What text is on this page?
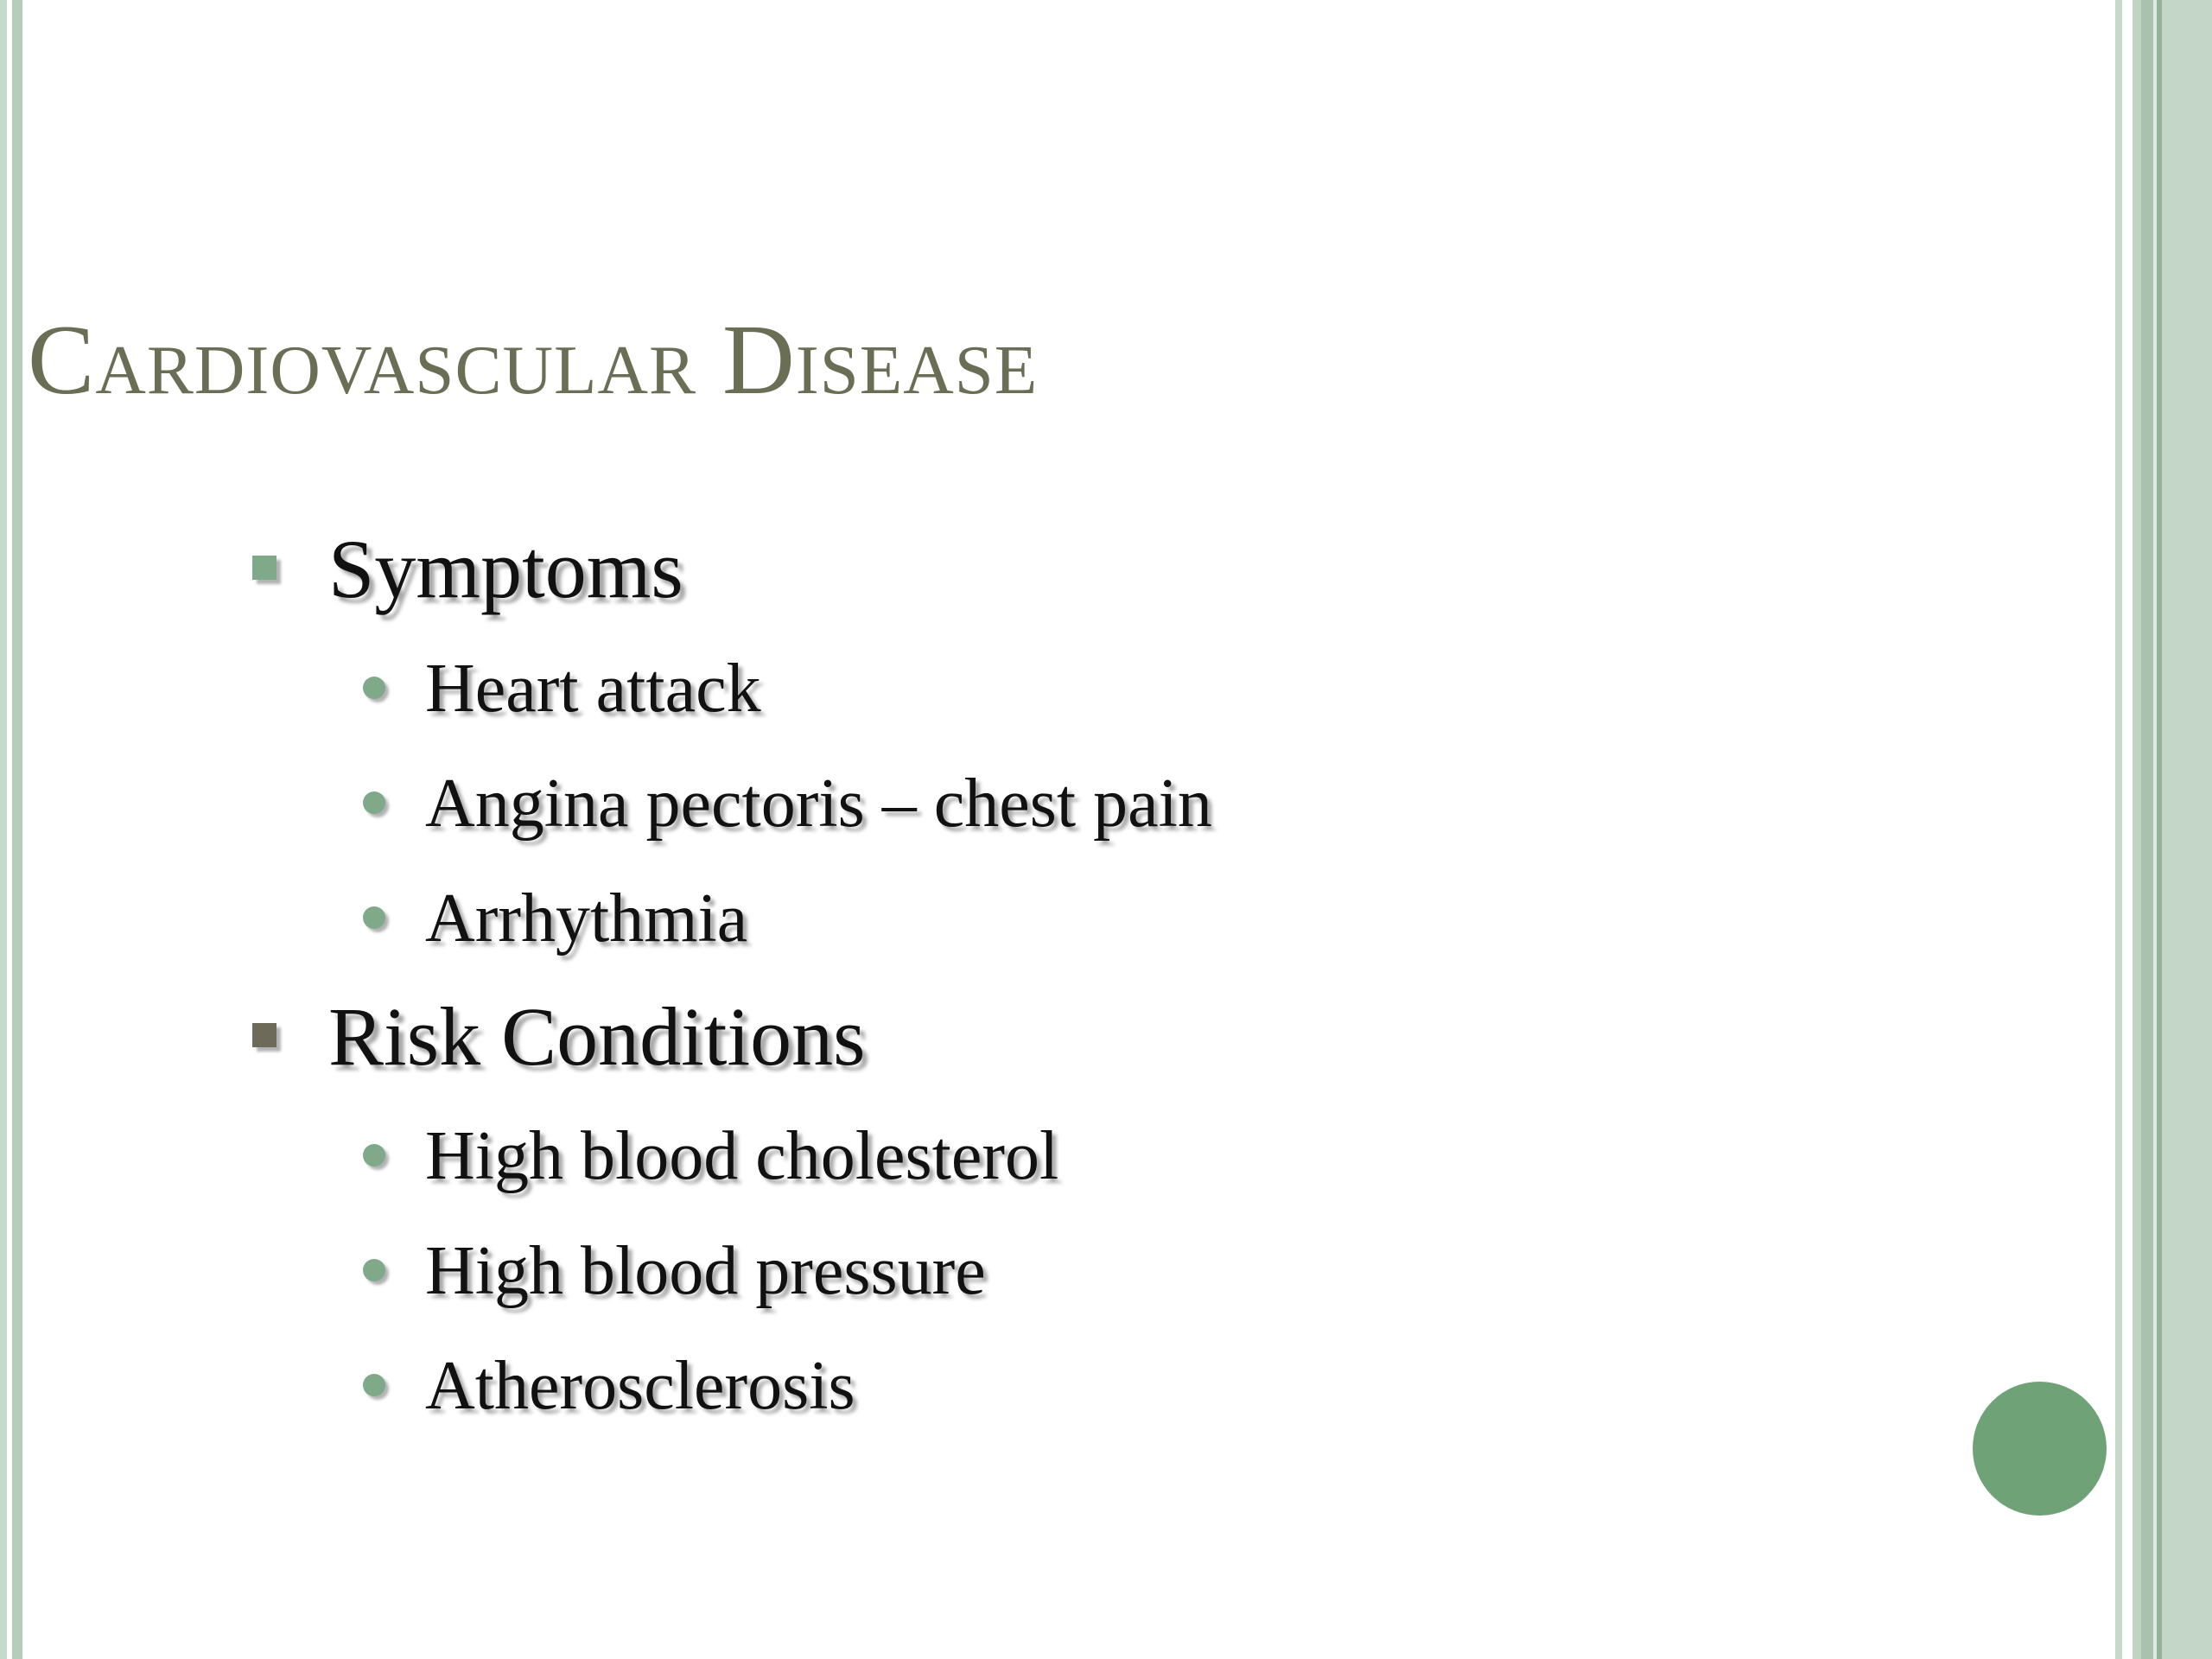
Cardiovascular Disease
Symptoms
Heart attack
Angina pectoris – chest pain
Arrhythmia
Risk Conditions
High blood cholesterol
High blood pressure
Atherosclerosis
